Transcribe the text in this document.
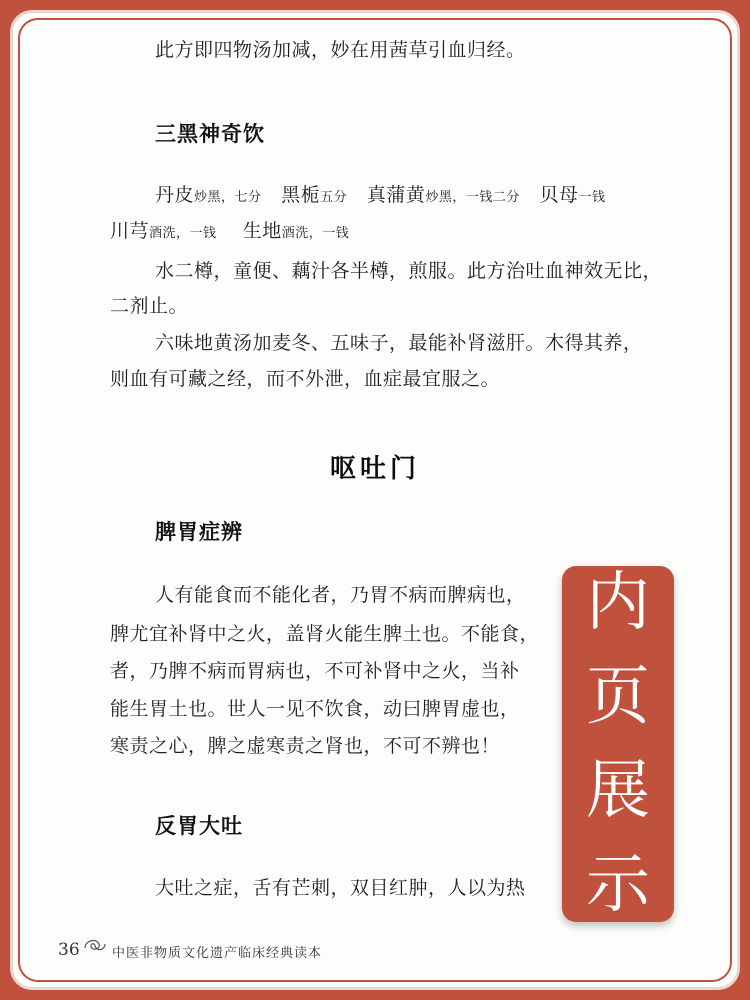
此方即四物汤加减，妙在用茜草引血归经。
三黑神奇饮
丹皮炒黑，七分 黑栀五分 真蒲黄炒黑，一钱二分 贝母一钱
川芎酒洗，一钱 生地酒洗，一钱
水二樽，童便、藕汁各半樽，煎服。此方治吐血神效无比，
二剂止。
六味地黄汤加麦冬、五味子，最能补肾滋肝。木得其养，
则血有可藏之经，而不外泄，血症最宜服之。
呕吐门
脾胃症辨
人有能食而不能化者，乃胃不病而脾病也，
脾尤宜补肾中之火，盖肾火能生脾土也。不能食，
者，乃脾不病而胃病也，不可补肾中之火，当补
能生胃土也。世人一见不饮食，动曰脾胃虚也，
寒责之心，脾之虚寒责之肾也，不可不辨也！
反胃大吐
大吐之症，舌有芒刺，双目红肿，人以为热
36 中医非物质文化遗产临床经典读本
内
页
展
示
